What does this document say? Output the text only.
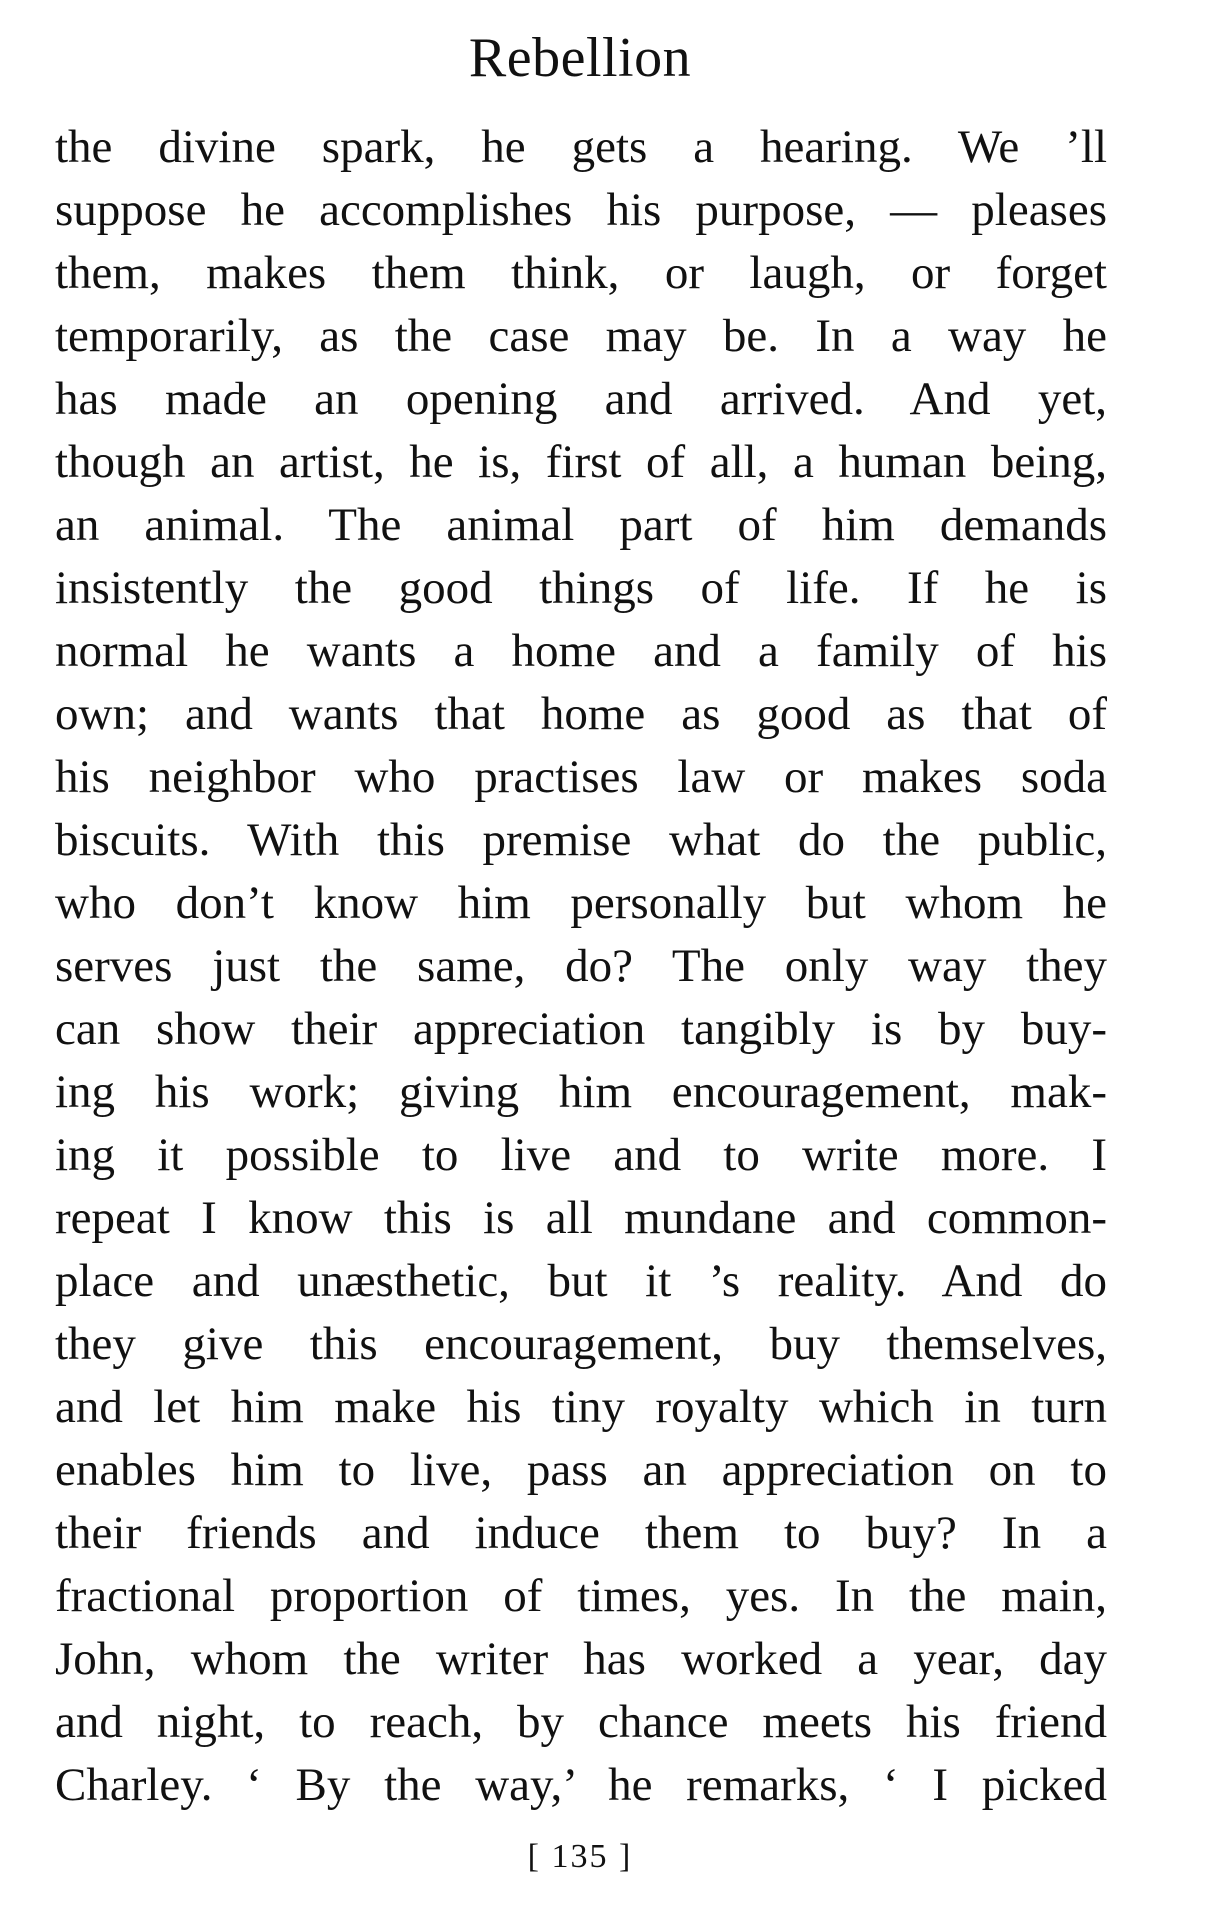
Rebellion
the divine spark, he gets a hearing. We ’ll
suppose he accomplishes his purpose, — pleases
them, makes them think, or laugh, or forget
temporarily, as the case may be. In a way he
has made an opening and arrived. And yet,
though an artist, he is, first of all, a human being,
an animal. The animal part of him demands
insistently the good things of life. If he is
normal he wants a home and a family of his
own; and wants that home as good as that of
his neighbor who practises law or makes soda
biscuits. With this premise what do the public,
who don’t know him personally but whom he
serves just the same, do? The only way they
can show their appreciation tangibly is by buy-
ing his work; giving him encouragement, mak-
ing it possible to live and to write more. I
repeat I know this is all mundane and common-
place and unæsthetic, but it ’s reality. And do
they give this encouragement, buy themselves,
and let him make his tiny royalty which in turn
enables him to live, pass an appreciation on to
their friends and induce them to buy? In a
fractional proportion of times, yes. In the main,
John, whom the writer has worked a year, day
and night, to reach, by chance meets his friend
Charley. ‘ By the way,’ he remarks, ‘ I picked
[ 135 ]
